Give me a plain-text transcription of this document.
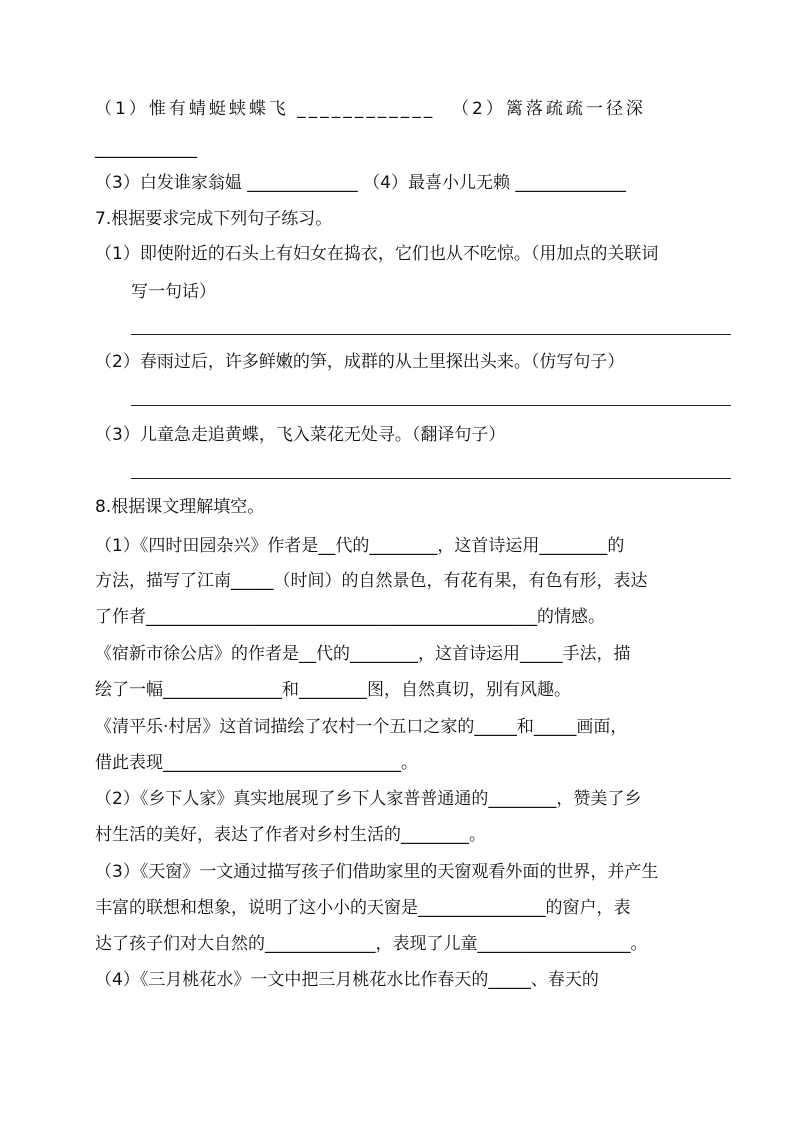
（1）惟有蜻蜓蛱蝶飞 ____________  （2）篱落疏疏一径深
____________
（3）白发谁家翁媪 _____________ （4）最喜小儿无赖 _____________
7.根据要求完成下列句子练习。
（1）即使附近的石头上有妇女在捣衣，它们也从不吃惊。（用加点的关联词
写一句话）
（2）春雨过后，许多鲜嫩的笋，成群的从土里探出头来。（仿写句子）
（3）儿童急走追黄蝶，飞入菜花无处寻。（翻译句子）
8.根据课文理解填空。
（1）《四时田园杂兴》作者是__代的________，这首诗运用________的
方法，描写了江南_____（时间）的自然景色，有花有果，有色有形，表达
了作者______________________________________________的情感。
《宿新市徐公店》的作者是__代的________，这首诗运用_____手法，描
绘了一幅______________和________图，自然真切，别有风趣。
《清平乐·村居》这首词描绘了农村一个五口之家的_____和_____画面，
借此表现____________________________。
（2）《乡下人家》真实地展现了乡下人家普普通通的________，赞美了乡
村生活的美好，表达了作者对乡村生活的________。
（3）《天窗》一文通过描写孩子们借助家里的天窗观看外面的世界，并产生
丰富的联想和想象，说明了这小小的天窗是_______________的窗户，表
达了孩子们对大自然的_____________，表现了儿童__________________。
（4）《三月桃花水》一文中把三月桃花水比作春天的_____、春天的
